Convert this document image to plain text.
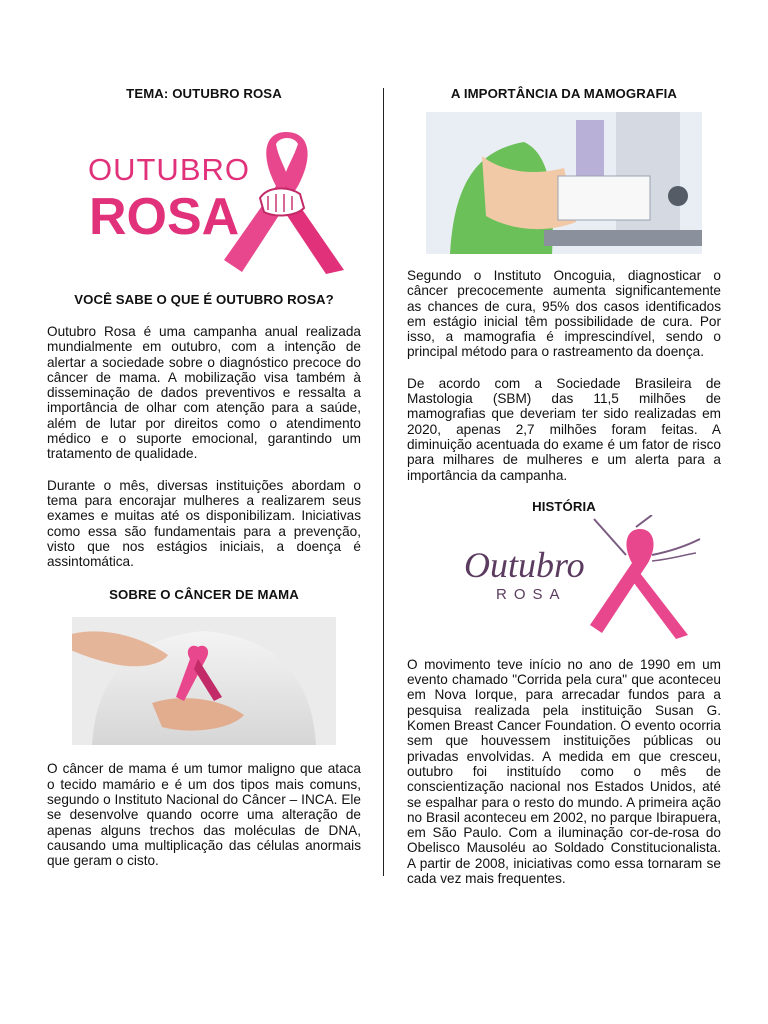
TEMA: OUTUBRO ROSA
OUTUBRO
ROSA
VOCÊ SABE O QUE É OUTUBRO ROSA?

Outubro Rosa é uma campanha anual realizada mundialmente em outubro, com a intenção de alertar a sociedade sobre o diagnóstico precoce do câncer de mama. A mobilização visa também à disseminação de dados preventivos e ressalta a importância de olhar com atenção para a saúde, além de lutar por direitos como o atendimento médico e o suporte emocional, garantindo um tratamento de qualidade.

Durante o mês, diversas instituições abordam o tema para encorajar mulheres a realizarem seus exames e muitas até os disponibilizam. Iniciativas como essa são fundamentais para a prevenção, visto que nos estágios iniciais, a doença é assintomática.

SOBRE O CÂNCER DE MAMA

O câncer de mama é um tumor maligno que ataca o tecido mamário e é um dos tipos mais comuns, segundo o Instituto Nacional do Câncer – INCA. Ele se desenvolve quando ocorre uma alteração de apenas alguns trechos das moléculas de DNA, causando uma multiplicação das células anormais que geram o cisto.

A IMPORTÂNCIA DA MAMOGRAFIA

Segundo o Instituto Oncoguia, diagnosticar o câncer precocemente aumenta significantemente as chances de cura, 95% dos casos identificados em estágio inicial têm possibilidade de cura. Por isso, a mamografia é imprescindível, sendo o principal método para o rastreamento da doença.

De acordo com a Sociedade Brasileira de Mastologia (SBM) das 11,5 milhões de mamografias que deveriam ter sido realizadas em 2020, apenas 2,7 milhões foram feitas. A diminuição acentuada do exame é um fator de risco para milhares de mulheres e um alerta para a importância da campanha.

HISTÓRIA
Outubro
ROSA

O movimento teve início no ano de 1990 em um evento chamado "Corrida pela cura" que aconteceu em Nova Iorque, para arrecadar fundos para a pesquisa realizada pela instituição Susan G. Komen Breast Cancer Foundation. O evento ocorria sem que houvessem instituições públicas ou privadas envolvidas. A medida em que cresceu, outubro foi instituído como o mês de conscientização nacional nos Estados Unidos, até se espalhar para o resto do mundo. A primeira ação no Brasil aconteceu em 2002, no parque Ibirapuera, em São Paulo. Com a iluminação cor-de-rosa do Obelisco Mausoléu ao Soldado Constitucionalista. A partir de 2008, iniciativas como essa tornaram se cada vez mais frequentes.
